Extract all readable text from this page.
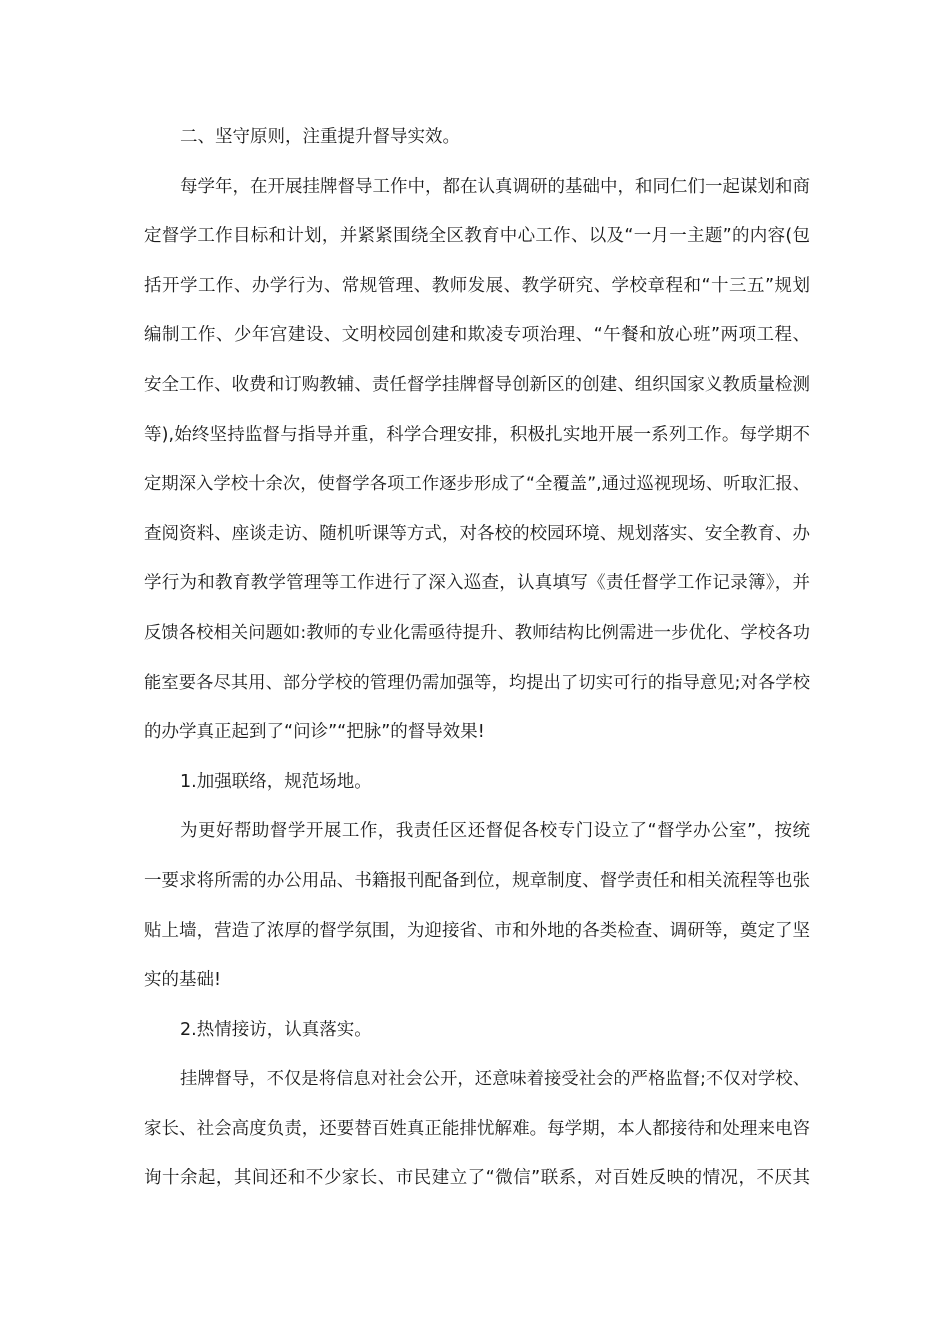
二、坚守原则，注重提升督导实效。
每学年，在开展挂牌督导工作中，都在认真调研的基础中，和同仁们一起谋划和商
定督学工作目标和计划，并紧紧围绕全区教育中心工作、以及“一月一主题”的内容(包
括开学工作、办学行为、常规管理、教师发展、教学研究、学校章程和“十三五”规划
编制工作、少年宫建设、文明校园创建和欺凌专项治理、“午餐和放心班”两项工程、
安全工作、收费和订购教辅、责任督学挂牌督导创新区的创建、组织国家义教质量检测
等),始终坚持监督与指导并重，科学合理安排，积极扎实地开展一系列工作。每学期不
定期深入学校十余次，使督学各项工作逐步形成了“全覆盖”,通过巡视现场、听取汇报、
查阅资料、座谈走访、随机听课等方式，对各校的校园环境、规划落实、安全教育、办
学行为和教育教学管理等工作进行了深入巡查，认真填写《责任督学工作记录簿》，并
反馈各校相关问题如:教师的专业化需亟待提升、教师结构比例需进一步优化、学校各功
能室要各尽其用、部分学校的管理仍需加强等，均提出了切实可行的指导意见;对各学校
的办学真正起到了“问诊”“把脉”的督导效果!
1.加强联络，规范场地。
为更好帮助督学开展工作，我责任区还督促各校专门设立了“督学办公室”，按统
一要求将所需的办公用品、书籍报刊配备到位，规章制度、督学责任和相关流程等也张
贴上墙，营造了浓厚的督学氛围，为迎接省、市和外地的各类检查、调研等，奠定了坚
实的基础!
2.热情接访，认真落实。
挂牌督导，不仅是将信息对社会公开，还意味着接受社会的严格监督;不仅对学校、
家长、社会高度负责，还要替百姓真正能排忧解难。每学期，本人都接待和处理来电咨
询十余起，其间还和不少家长、市民建立了“微信”联系，对百姓反映的情况，不厌其
